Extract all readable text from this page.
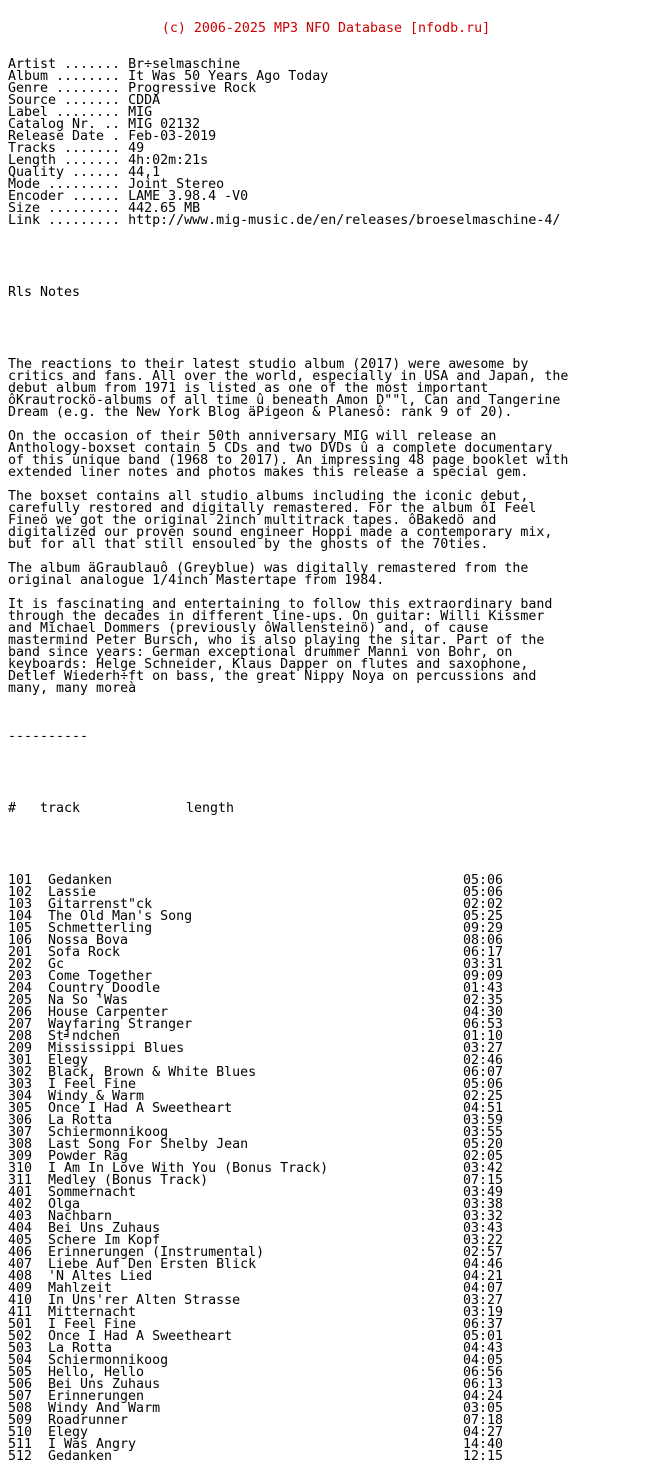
(c) 2006-2025 MP3 NFO Database [nfodb.ru]

Artist ....... Br÷selmaschine
Album ........ It Was 50 Years Ago Today
Genre ........ Progressive Rock
Source ....... CDDA
Label ........ MIG
Catalog Nr. .. MIG 02132
Release Date . Feb-03-2019
Tracks ....... 49
Length ....... 4h:02m:21s
Quality ...... 44,1
Mode ......... Joint Stereo
Encoder ...... LAME 3.98.4 -V0
Size ......... 442.65 MB
Link ......... http://www.mig-music.de/en/releases/broeselmaschine-4/

Rls Notes

The reactions to their latest studio album (2017) were awesome by
critics and fans. All over the world, especially in USA and Japan, the
debut album from 1971 is listed as one of the most important
ôKrautrockö-albums of all time û beneath Amon D""l, Can and Tangerine
Dream (e.g. the New York Blog äPigeon & Planesô: rank 9 of 20).
On the occasion of their 50th anniversary MIG will release an
Anthology-boxset contain 5 CDs and two DVDs û a complete documentary
of this unique band (1968 to 2017). An impressing 48 page booklet with
extended liner notes and photos makes this release a special gem.
The boxset contains all studio albums including the iconic debut,
carefully restored and digitally remastered. For the album ôI Feel
Fineö we got the original 2inch multitrack tapes. ôBakedö and
digitalized our proven sound engineer Hoppi made a contemporary mix,
but for all that still ensouled by the ghosts of the 70ties.
The album äGraublauô (Greyblue) was digitally remastered from the
original analogue 1/4inch Mastertape from 1984.
It is fascinating and entertaining to follow this extraordinary band
through the decades in different line-ups. On guitar: Willi Kissmer
and Michael Dommers (previously ôWallensteinö) and, of cause
mastermind Peter Bursch, who is also playing the sitar. Part of the
band since years: German exceptional drummer Manni von Bohr, on
keyboards: Helge Schneider, Klaus Dapper on flutes and saxophone,
Detlef Wiederh÷ft on bass, the great Nippy Noya on percussions and
many, many moreà

----------

# track	length

101 Gedanken	05:06
102 Lassie	05:06
103 Gitarrenst"ck	02:02
104 The Old Man's Song	05:25
105 Schmetterling	09:29
106 Nossa Bova	08:06
201 Sofa Rock	06:17
202 Gc	03:31
203 Come Together	09:09
204 Country Doodle	01:43
205 Na So 'Was	02:35
206 House Carpenter	04:30
207 Wayfaring Stranger	06:53
208 St╛ndchen	01:10
209 Mississippi Blues	03:27
301 Elegy	02:46
302 Black, Brown & White Blues	06:07
303 I Feel Fine	05:06
304 Windy & Warm	02:25
305 Once I Had A Sweetheart	04:51
306 La Rotta	03:59
307 Schiermonnikoog	03:55
308 Last Song For Shelby Jean	05:20
309 Powder Rag	02:05
310 I Am In Love With You (Bonus Track)	03:42
311 Medley (Bonus Track)	07:15
401 Sommernacht	03:49
402 Olga	03:38
403 Nachbarn	03:32
404 Bei Uns Zuhaus	03:43
405 Schere Im Kopf	03:22
406 Erinnerungen (Instrumental)	02:57
407 Liebe Auf Den Ersten Blick	04:46
408 'N Altes Lied	04:21
409 Mahlzeit	04:07
410 In Uns'rer Alten Strasse	03:27
411 Mitternacht	03:19
501 I Feel Fine	06:37
502 Once I Had A Sweetheart	05:01
503 La Rotta	04:43
504 Schiermonnikoog	04:05
505 Hello, Hello	06:56
506 Bei Uns Zuhaus	06:13
507 Erinnerungen	04:24
508 Windy And Warm	03:05
509 Roadrunner	07:18
510 Elegy	04:27
511 I Was Angry	14:40
512 Gedanken	12:15
